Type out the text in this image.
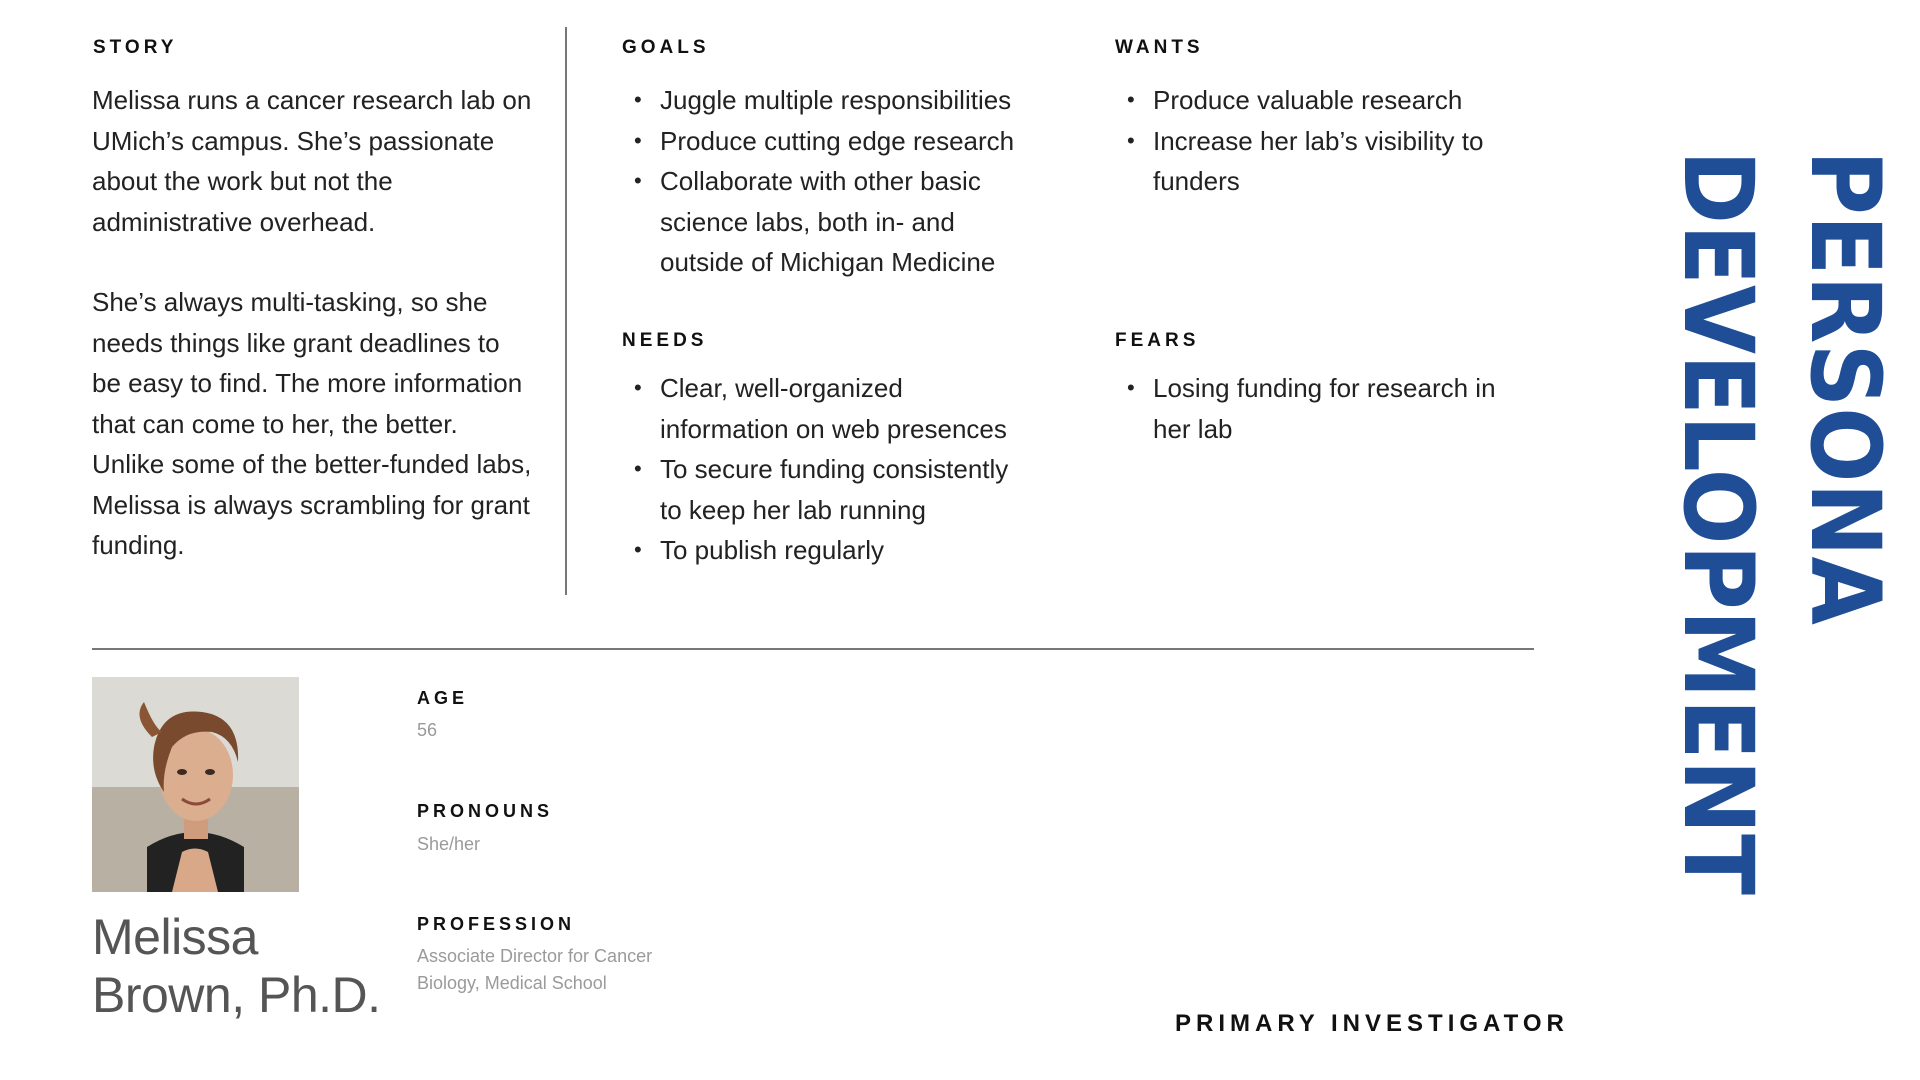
STORY

Melissa runs a cancer research lab on UMich’s campus. She’s passionate about the work but not the administrative overhead.

She’s always multi-tasking, so she needs things like grant deadlines to be easy to find. The more information that can come to her, the better. Unlike some of the better-funded labs, Melissa is always scrambling for grant funding.

GOALS
• Juggle multiple responsibilities
• Produce cutting edge research
• Collaborate with other basic science labs, both in- and outside of Michigan Medicine
WANTS
• Produce valuable research
• Increase her lab’s visibility to funders
NEEDS
• Clear, well-organized information on web presences
• To secure funding consistently to keep her lab running
• To publish regularly
FEARS
• Losing funding for research in her lab
Melissa
Brown, Ph.D.
AGE
56
PRONOUNS
She/her
PROFESSION
Associate Director for Cancer
Biology, Medical School
PRIMARY INVESTIGATOR
PERSONA
DEVELOPMENT
